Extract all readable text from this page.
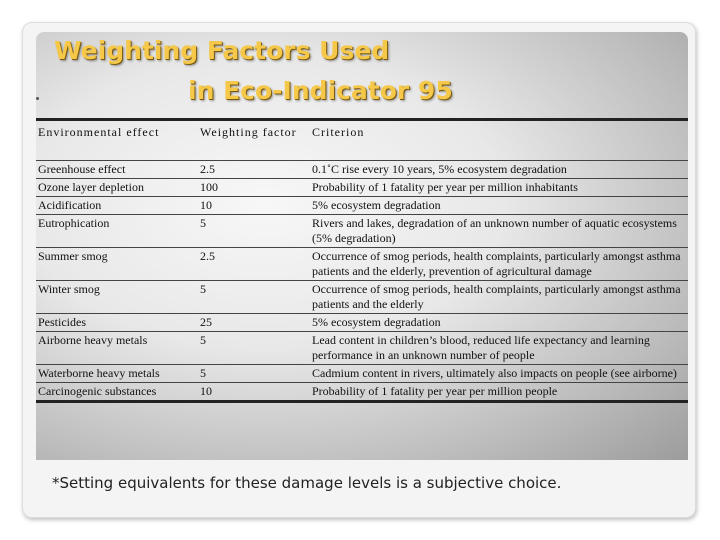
Weighting Factors Used
in Eco-Indicator 95
Environmental effect	Weighting factor	Criterion
Greenhouse effect	2.5	0.1˚C rise every 10 years, 5% ecosystem degradation
Ozone layer depletion	100	Probability of 1 fatality per year per million inhabitants
Acidification	10	5% ecosystem degradation
Eutrophication	5	Rivers and lakes, degradation of an unknown number of aquatic ecosystems (5% degradation)
Summer smog	2.5	Occurrence of smog periods, health complaints, particularly amongst asthma patients and the elderly, prevention of agricultural damage
Winter smog	5	Occurrence of smog periods, health complaints, particularly amongst asthma patients and the elderly
Pesticides	25	5% ecosystem degradation
Airborne heavy metals	5	Lead content in children’s blood, reduced life expectancy and learning performance in an unknown number of people
Waterborne heavy metals	5	Cadmium content in rivers, ultimately also impacts on people (see airborne)
Carcinogenic substances	10	Probability of 1 fatality per year per million people

*Setting equivalents for these damage levels is a subjective choice.
